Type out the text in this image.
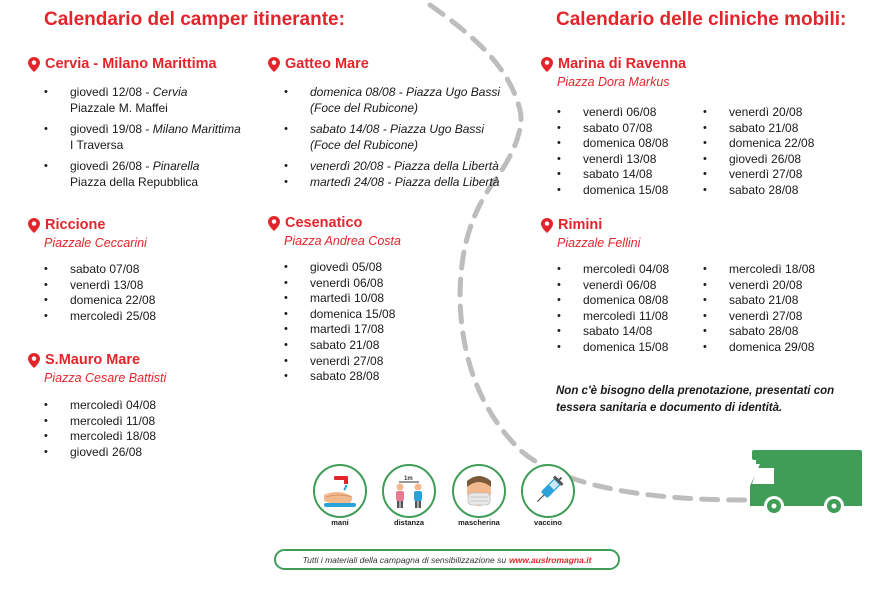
Calendario del camper itinerante:	Calendario delle cliniche mobili:
Cervia - Milano Marittima
• giovedì 12/08 - Cervia
Piazzale M. Maffei
• giovedì 19/08 - Milano Marittima
I Traversa
• giovedì 26/08 - Pinarella
Piazza della Repubblica
Gatteo Mare
• domenica 08/08 - Piazza Ugo Bassi
(Foce del Rubicone)
• sabato 14/08 - Piazza Ugo Bassi
(Foce del Rubicone)
• venerdì 20/08 - Piazza della Libertà
• martedì 24/08 - Piazza della Libertà
Riccione
Piazzale Ceccarini
• sabato 07/08
• venerdì 13/08
• domenica 22/08
• mercoledì 25/08
Cesenatico
Piazza Andrea Costa
• giovedì 05/08
• venerdì 06/08
• martedì 10/08
• domenica 15/08
• martedì 17/08
• sabato 21/08
• venerdì 27/08
• sabato 28/08
S.Mauro Mare
Piazza Cesare Battisti
• mercoledì 04/08
• mercoledì 11/08
• mercoledì 18/08
• giovedì 26/08
Marina di Ravenna
Piazza Dora Markus
• venerdì 06/08
• sabato 07/08
• domenica 08/08
• venerdì 13/08
• sabato 14/08
• domenica 15/08
• venerdì 20/08
• sabato 21/08
• domenica 22/08
• giovedì 26/08
• venerdì 27/08
• sabato 28/08
Rimini
Piazzale Fellini
• mercoledì 04/08
• venerdì 06/08
• domenica 08/08
• mercoledì 11/08
• sabato 14/08
• domenica 15/08
• mercoledì 18/08
• venerdì 20/08
• sabato 21/08
• venerdì 27/08
• sabato 28/08
• domenica 29/08
Non c'è bisogno della prenotazione, presentati con
tessera sanitaria e documento di identità.
mani
1m
distanza	mascherina	vaccino
Tutti i materiali della campagna di sensibilizzazione su www.ausIromagna.it
